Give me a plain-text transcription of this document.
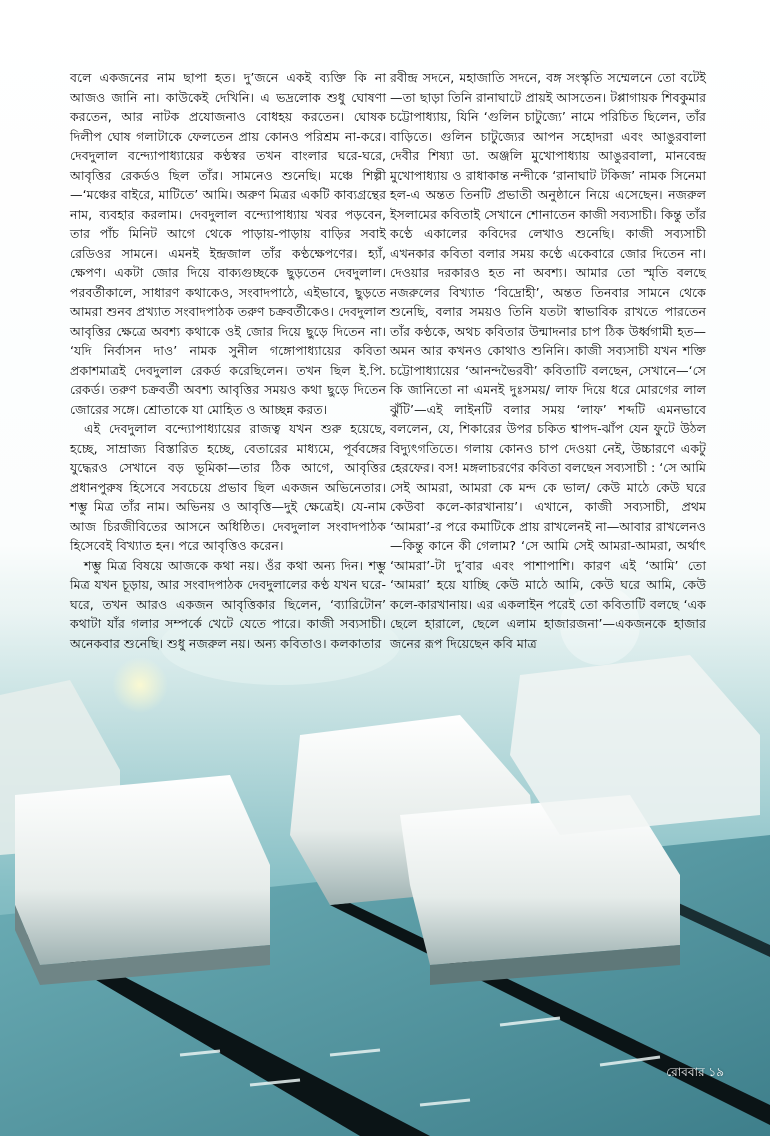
বলে একজনের নাম ছাপা হত। দু’জনে একই ব্যক্তি কি না আজও জানি না। কাউকেই দেখিনি। এ ভদ্রলোক শুধু ঘোষণা করতেন, আর নাটক প্রযোজনাও বোধহয় করতেন। ঘোষক দিলীপ ঘোষ গলাটাকে ফেলতেন প্রায় কোনও পরিশ্রম না-করে। দেবদুলাল বন্দ্যোপাধ্যায়ের কণ্ঠস্বর তখন বাংলার ঘরে-ঘরে, আবৃত্তির রেকর্ডও ছিল তাঁর। সামনেও শুনেছি। মঞ্চে শিল্পী—‘মঞ্চের বাইরে, মাটিতে’ আমি। অরুণ মিত্রর একটি কাব্যগ্রন্থের নাম, ব্যবহার করলাম। দেবদুলাল বন্দ্যোপাধ্যায় খবর পড়বেন, তার পাঁচ মিনিট আগে থেকে পাড়ায়-পাড়ায় বাড়ির সবাই রেডিওর সামনে। এমনই ইন্দ্রজাল তাঁর কণ্ঠক্ষেপণের। হ্যাঁ, ক্ষেপণ। একটা জোর দিয়ে বাক্যগুচ্ছকে ছুড়তেন দেবদুলাল। পরবর্তীকালে, সাধারণ কথাকেও, সংবাদপাঠে, এইভাবে, ছুড়তে আমরা শুনব প্রখ্যাত সংবাদপাঠক তরুণ চক্রবর্তীকেও। দেবদুলাল আবৃত্তির ক্ষেত্রে অবশ্য কথাকে ওই জোর দিয়ে ছুড়ে দিতেন না। ‘যদি নির্বাসন দাও’ নামক সুনীল গঙ্গোপাধ্যায়ের কবিতা প্রকাশমাত্রই দেবদুলাল রেকর্ড করেছিলেন। তখন ছিল ই.পি. রেকর্ড। তরুণ চক্রবর্তী অবশ্য আবৃত্তির সময়ও কথা ছুড়ে দিতেন জোরের সঙ্গে। শ্রোতাকে যা মোহিত ও আচ্ছন্ন করত।

এই দেবদুলাল বন্দ্যোপাধ্যায়ের রাজত্ব যখন শুরু হয়েছে, হচ্ছে, সাম্রাজ্য বিস্তারিত হচ্ছে, বেতারের মাধ্যমে, পূর্ববঙ্গের যুদ্ধেরও সেখানে বড় ভূমিকা—তার ঠিক আগে, আবৃত্তির প্রধানপুরুষ হিসেবে সবচেয়ে প্রভাব ছিল একজন অভিনেতার। শম্ভু মিত্র তাঁর নাম। অভিনয় ও আবৃত্তি—দুই ক্ষেত্রেই। যে-নাম আজ চিরজীবিতের আসনে অধিষ্ঠিত। দেবদুলাল সংবাদপাঠক হিসেবেই বিখ্যাত হন। পরে আবৃত্তিও করেন।

শম্ভু মিত্র বিষয়ে আজকে কথা নয়। ওঁর কথা অন্য দিন। শম্ভু মিত্র যখন চূড়ায়, আর সংবাদপাঠক দেবদুলালের কণ্ঠ যখন ঘরে-ঘরে, তখন আরও একজন আবৃত্তিকার ছিলেন, ‘ব্যারিটোন’ কথাটা যাঁর গলার সম্পর্কে খেটে যেতে পারে। কাজী সব্যসাচী। অনেকবার শুনেছি। শুধু নজরুল নয়। অন্য কবিতাও। কলকাতার

রবীন্দ্র সদনে, মহাজাতি সদনে, বঙ্গ সংস্কৃতি সম্মেলনে তো বটেই—তা ছাড়া তিনি রানাঘাটে প্রায়ই আসতেন। টপ্পাগায়ক শিবকুমার চট্টোপাধ্যায়, যিনি ‘গুলিন চাটুজ্যে’ নামে পরিচিত ছিলেন, তাঁর বাড়িতে। গুলিন চাটুজ্যের আপন সহোদরা এবং আঙুরবালা দেবীর শিষ্যা ডা. অঞ্জলি মুখোপাধ্যায় আঙুরবালা, মানবেন্দ্র মুখোপাধ্যায় ও রাধাকান্ত নন্দীকে ‘রানাঘাট টকিজ’ নামক সিনেমা হল-এ অন্তত তিনটি প্রভাতী অনুষ্ঠানে নিয়ে এসেছেন। নজরুল ইসলামের কবিতাই সেখানে শোনাতেন কাজী সব্যসাচী। কিন্তু তাঁর কণ্ঠে একালের কবিদের লেখাও শুনেছি। কাজী সব্যসাচী এখনকার কবিতা বলার সময় কণ্ঠে একেবারে জোর দিতেন না। দেওয়ার দরকারও হত না অবশ্য। আমার তো স্মৃতি বলছে নজরুলের বিখ্যাত ‘বিদ্রোহী’, অন্তত তিনবার সামনে থেকে শুনেছি, বলার সময়ও তিনি যতটা স্বাভাবিক রাখতে পারতেন তাঁর কণ্ঠকে, অথচ কবিতার উন্মাদনার চাপ ঠিক উর্ধ্বগামী হত—অমন আর কখনও কোথাও শুনিনি। কাজী সব্যসাচী যখন শক্তি চট্টোপাধ্যায়ের ‘আনন্দভৈরবী’ কবিতাটি বলছেন, সেখানে—‘সে কি জানিতো না এমনই দুঃসময়/ লাফ দিয়ে ধরে মোরগের লাল ঝুঁটি’—এই লাইনটি বলার সময় ‘লাফ’ শব্দটি এমনভাবে বললেন, যে, শিকারের উপর চকিত শ্বাপদ-ঝাঁপ যেন ফুটে উঠল বিদ্যুৎগতিতে। গলায় কোনও চাপ দেওয়া নেই, উচ্চারণে একটু হেরফের। বস! মঙ্গলাচরণের কবিতা বলছেন সব্যসাচী : ‘সে আমি সেই আমরা, আমরা কে মন্দ কে ভাল/ কেউ মাঠে কেউ ঘরে কেউবা কলে-কারখানায়’। এখানে, কাজী সব্যসাচী, প্রথম ‘আমরা’-র পরে কমাটিকে প্রায় রাখলেনই না—আবার রাখলেনও—কিন্তু কানে কী গেলাম? ‘সে আমি সেই আমরা-আমরা, অর্থাৎ ‘আমরা’-টা দু’বার এবং পাশাপাশি। কারণ এই ‘আমি’ তো ‘আমরা’ হয়ে যাচ্ছি কেউ মাঠে আমি, কেউ ঘরে আমি, কেউ কলে-কারখানায়। এর একলাইন পরেই তো কবিতাটি বলছে ‘এক ছেলে হারালে, ছেলে এলাম হাজারজনা’—একজনকে হাজার জনের রূপ দিয়েছেন কবি মাত্র

রোববার ১৯
